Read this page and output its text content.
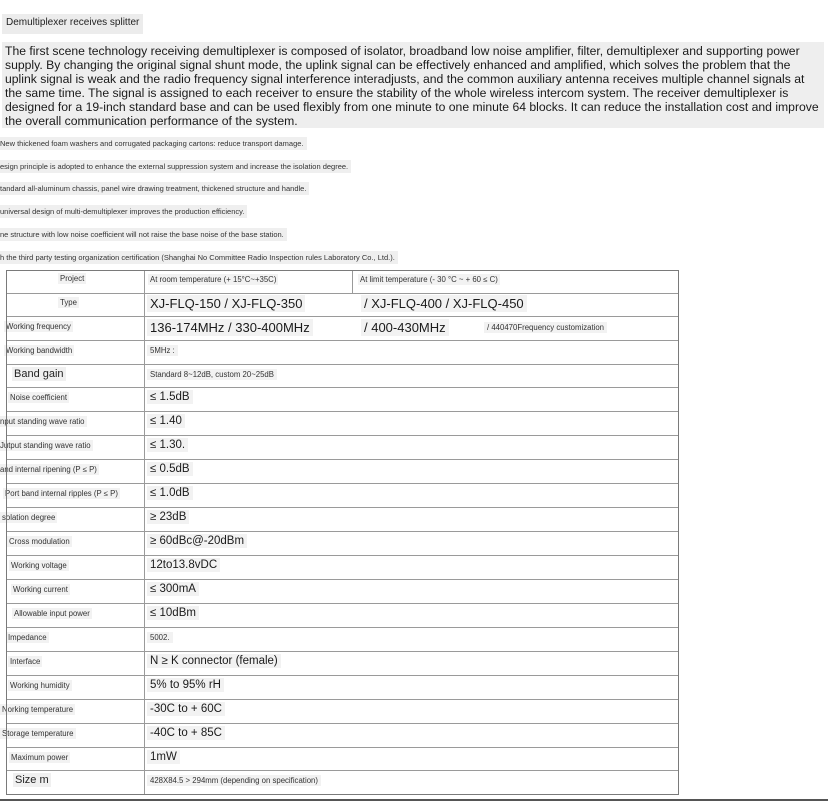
Demultiplexer receives splitter
The first scene technology receiving demultiplexer is composed of isolator, broadband low noise amplifier, filter, demultiplexer and supporting power supply. By changing the original signal shunt mode, the uplink signal can be effectively enhanced and amplified, which solves the problem that the uplink signal is weak and the radio frequency signal interference interadjusts, and the common auxiliary antenna receives multiple channel signals at the same time. The signal is assigned to each receiver to ensure the stability of the whole wireless intercom system. The receiver demultiplexer is designed for a 19-inch standard base and can be used flexibly from one minute to one minute 64 blocks. It can reduce the installation cost and improve the overall communication performance of the system.
New thickened foam washers and corrugated packaging cartons: reduce transport damage.
esign principle is adopted to enhance the external suppression system and increase the isolation degree.
tandard all-aluminum chassis, panel wire drawing treatment, thickened structure and handle.
universal design of multi-demultiplexer improves the production efficiency.
ne structure with low noise coefficient will not raise the base noise of the base station.
h the third party testing organization certification (Shanghai No Committee Radio Inspection rules Laboratory Co., Ltd.).
Project	At room temperature (+ 15°C~+35C)	At limit temperature (- 30 °C ~ + 60 ≤ C)
Type	XJ-FLQ-150 / XJ-FLQ-350	/ XJ-FLQ-400 / XJ-FLQ-450
Working frequency	136-174MHz / 330-400MHz	/ 400-430MHz	/ 440470Frequency customization
Working bandwidth	5MHz :
Band gain	Standard 8~12dB, custom 20~25dB
Noise coefficient	≤ 1.5dB
nput standing wave ratio	≤ 1.40
Jutput standing wave ratio	≤ 1.30.
and internal ripening (P ≤ P)	≤ 0.5dB
Port band internal ripples (P ≤ P)	≤ 1.0dB
solation degree	≥ 23dB
Cross modulation	≥ 60dBc@-20dBm
Working voltage	12to13.8vDC
Working current	≤ 300mA
Allowable input power	≤ 10dBm
Impedance	5002.
Interface	N ≥ K connector (female)
Working humidity	5% to 95% rH
Norking temperature	-30C to + 60C
Storage temperature	-40C to + 85C
Maximum power	1mW
Size m	428X84.5 > 294mm (depending on specification)
